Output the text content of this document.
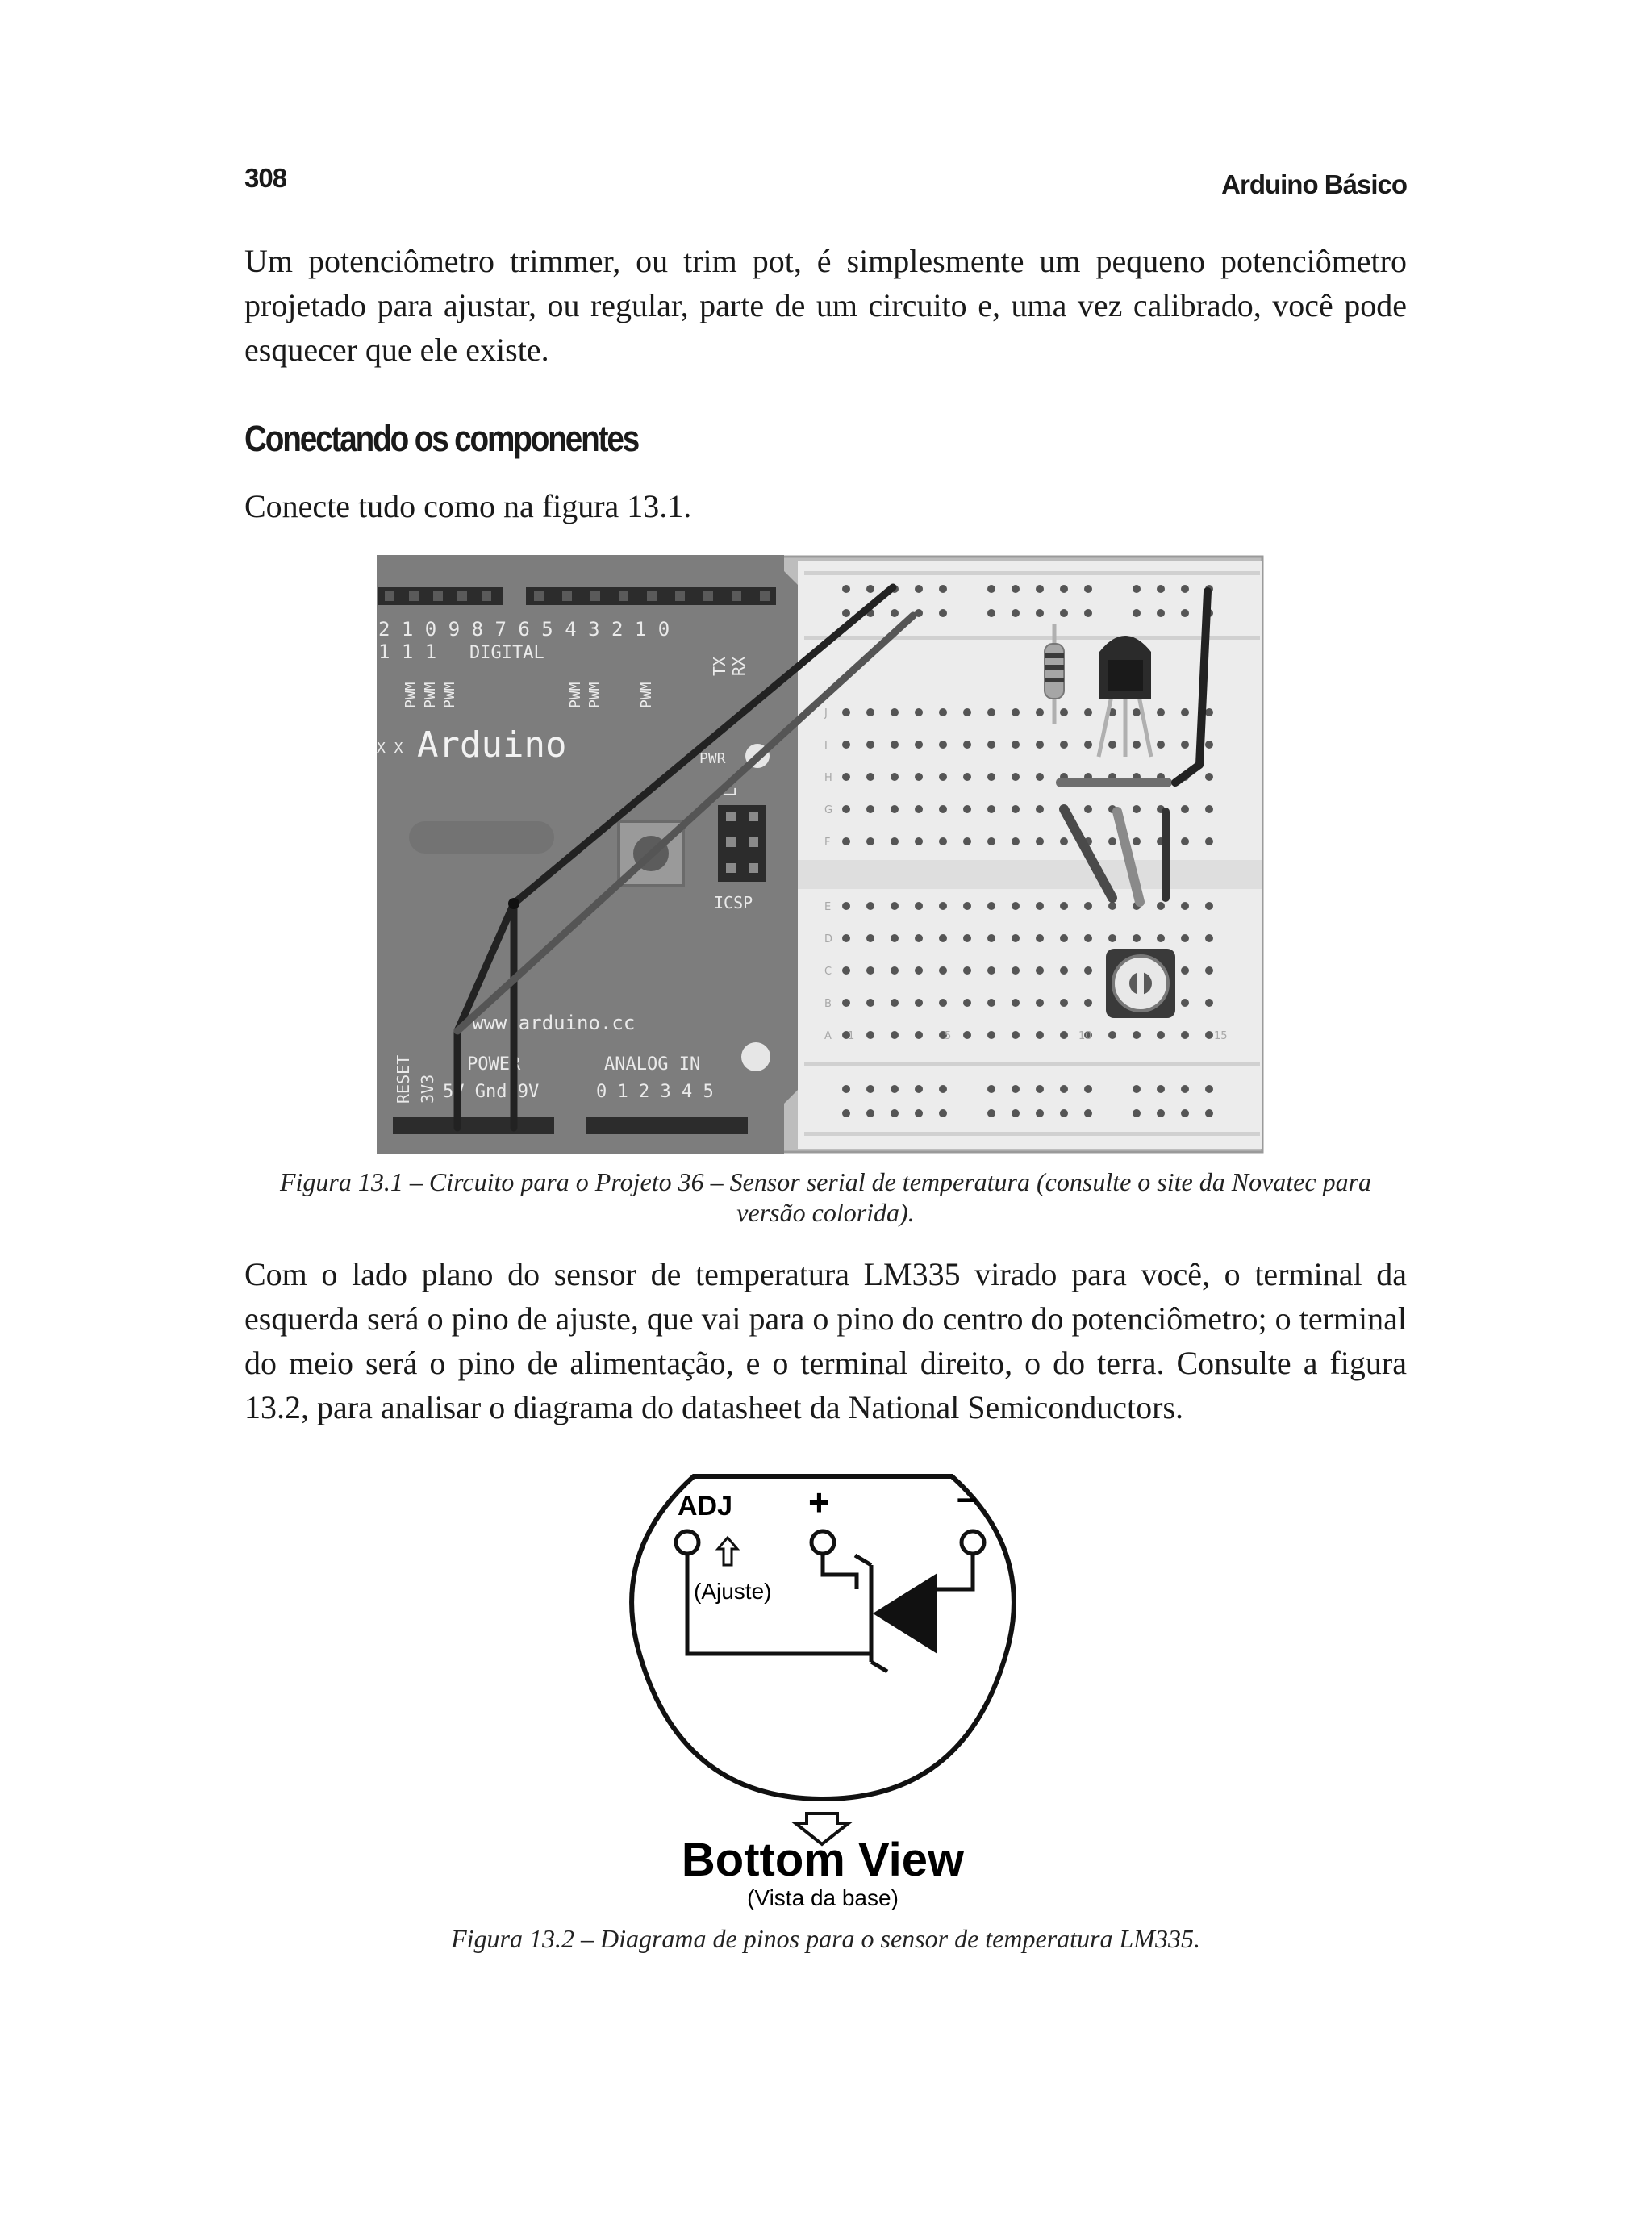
308	Arduino Básico

Um potenciômetro trimmer, ou trim pot, é simplesmente um pequeno potenciômetro projetado para ajustar, ou regular, parte de um circuito e, uma vez calibrado, você pode esquecer que ele existe.

Conectando os componentes

Conecte tudo como na figura 13.1.

2 1 0 9 8 7 6 5 4 3 2 1 0
1 1 1 DIGITAL
PWM PWM PWM	PWM PWM PWM
TX RX
X X Arduino	PWR
L
ICSP
www.arduino.cc
RESET 3V3
POWER
5V Gnd 9V
ANALOG IN
0 1 2 3 4 5
J
I
H
G
F
E
D
C
B
A 1	5	10	15
Figura 13.1 – Circuito para o Projeto 36 – Sensor serial de temperatura (consulte o site da Novatec para versão colorida).

Com o lado plano do sensor de temperatura LM335 virado para você, o terminal da esquerda será o pino de ajuste, que vai para o pino do centro do potenciômetro; o terminal do meio será o pino de alimentação, e o terminal direito, o do terra. Consulte a figura 13.2, para analisar o diagrama do datasheet da National Semiconductors.

ADJ +	–
(Ajuste)
Bottom View
(Vista da base)
Figura 13.2 – Diagrama de pinos para o sensor de temperatura LM335.
